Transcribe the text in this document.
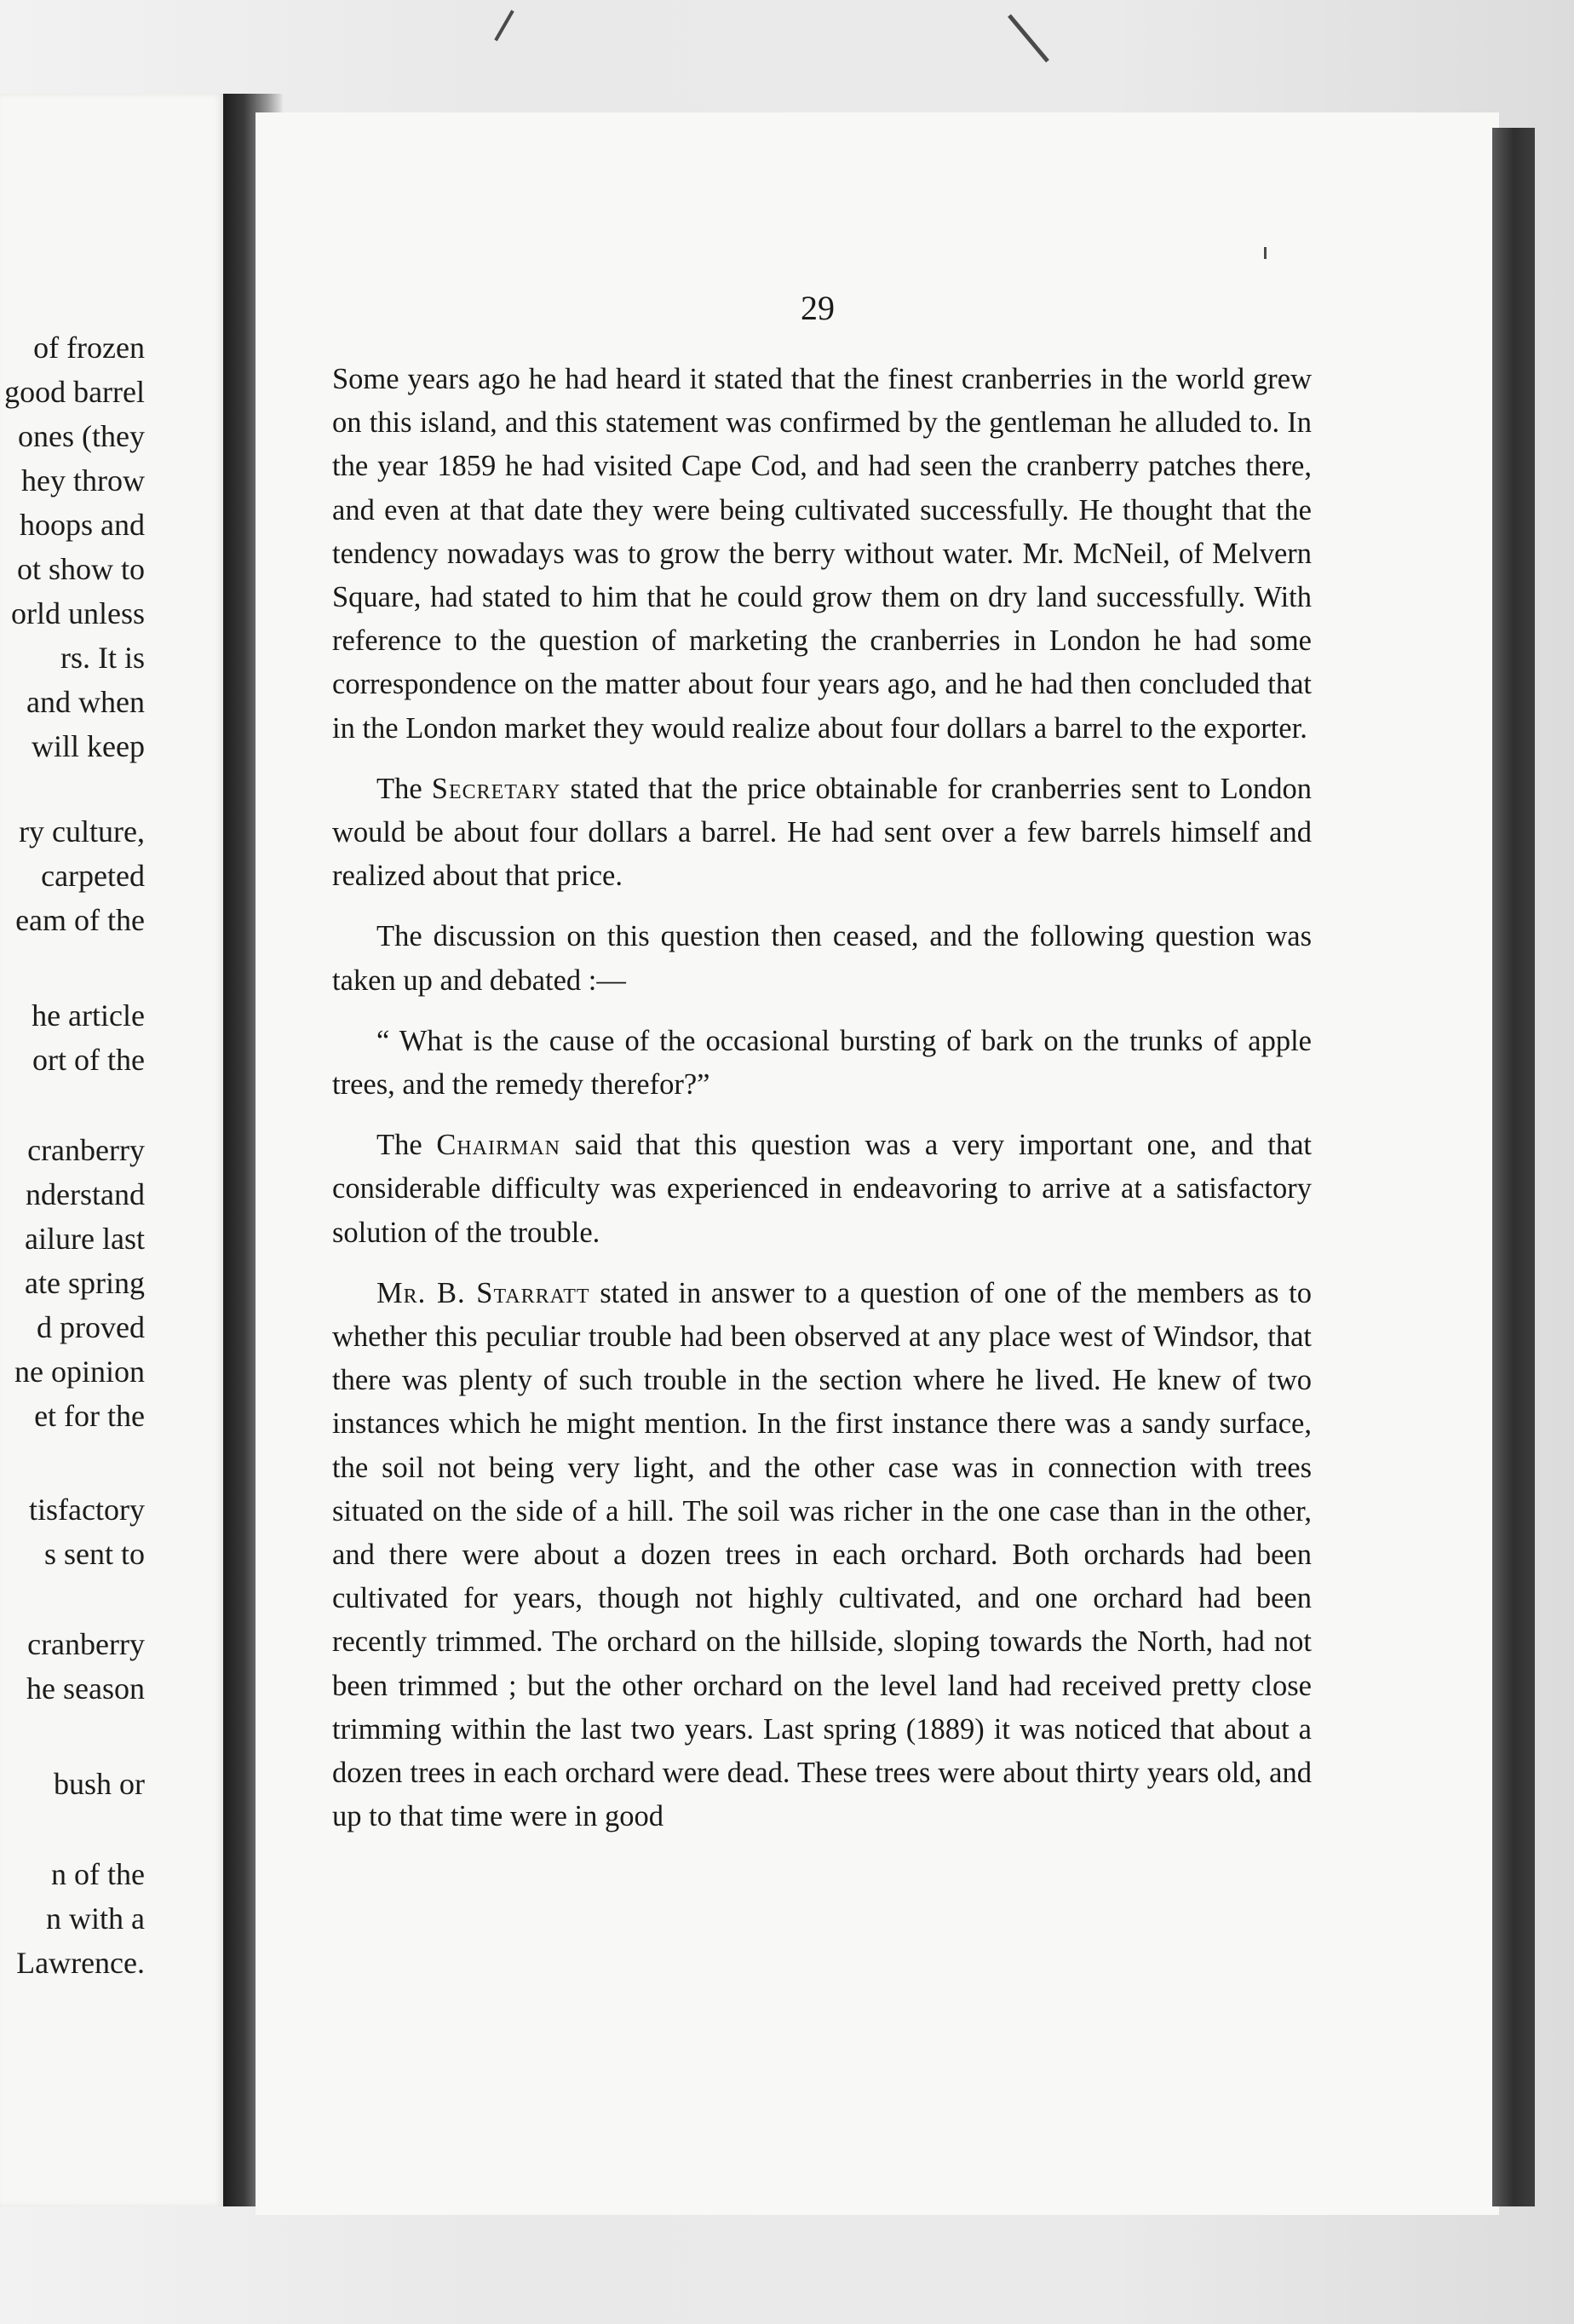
of frozen
good barrel
ones (they
hey throw
hoops and
ot show to
orld unless
rs. It is
and when
will keep
ry culture,
carpeted
eam of the
he article
ort of the
cranberry
nderstand
ailure last
ate spring
d proved
ne opinion
et for the
tisfactory
s sent to
cranberry
he season
bush or
n of the
n with a
Lawrence.
29

Some years ago he had heard it stated that the finest cranberries in the world grew on this island, and this statement was confirmed by the gentleman he alluded to. In the year 1859 he had visited Cape Cod, and had seen the cranberry patches there, and even at that date they were being cultivated successfully. He thought that the tendency nowadays was to grow the berry without water. Mr. McNeil, of Melvern Square, had stated to him that he could grow them on dry land successfully. With reference to the question of marketing the cranberries in London he had some correspondence on the matter about four years ago, and he had then concluded that in the London market they would realize about four dollars a barrel to the exporter.

The Secretary stated that the price obtainable for cranberries sent to London would be about four dollars a barrel. He had sent over a few barrels himself and realized about that price.

The discussion on this question then ceased, and the following question was taken up and debated :—

“ What is the cause of the occasional bursting of bark on the trunks of apple trees, and the remedy therefor?”

The Chairman said that this question was a very important one, and that considerable difficulty was experienced in endeavoring to arrive at a satisfactory solution of the trouble.

Mr. B. Starratt stated in answer to a question of one of the members as to whether this peculiar trouble had been observed at any place west of Windsor, that there was plenty of such trouble in the section where he lived. He knew of two instances which he might mention. In the first instance there was a sandy surface, the soil not being very light, and the other case was in connection with trees situated on the side of a hill. The soil was richer in the one case than in the other, and there were about a dozen trees in each orchard. Both orchards had been cultivated for years, though not highly cultivated, and one orchard had been recently trimmed. The orchard on the hillside, sloping towards the North, had not been trimmed ; but the other orchard on the level land had received pretty close trimming within the last two years. Last spring (1889) it was noticed that about a dozen trees in each orchard were dead. These trees were about thirty years old, and up to that time were in good
